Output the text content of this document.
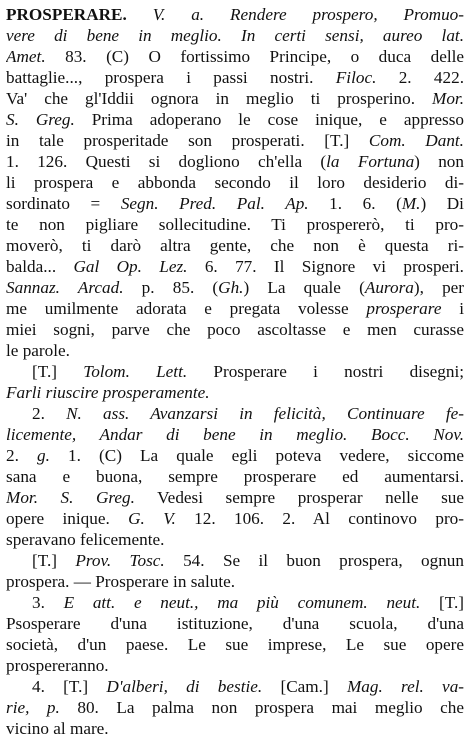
PROSPERARE. V. a. Rendere prospero, Promuo-
vere di bene in meglio. In certi sensi, aureo lat.
Amet. 83. (C) O fortissimo Principe, o duca delle
battaglie..., prospera i passi nostri. Filoc. 2. 422.
Va' che gl'Iddii ognora in meglio ti prosperino. Mor.
S. Greg. Prima adoperano le cose inique, e appresso
in tale prosperitade son prosperati. [T.] Com. Dant.
1. 126. Questi si dogliono ch'ella (la Fortuna) non
li prospera e abbonda secondo il loro desiderio di-
sordinato = Segn. Pred. Pal. Ap. 1. 6. (M.) Di
te non pigliare sollecitudine. Ti prospererò, ti pro-
moverò, ti darò altra gente, che non è questa ri-
balda... Gal Op. Lez. 6. 77. Il Signore vi prosperi.
Sannaz. Arcad. p. 85. (Gh.) La quale (Aurora), per
me umilmente adorata e pregata volesse prosperare i
miei sogni, parve che poco ascoltasse e men curasse
le parole.
[T.] Tolom. Lett. Prosperare i nostri disegni;
Farli riuscire prosperamente.
2. N. ass. Avanzarsi in felicità, Continuare fe-
licemente, Andar di bene in meglio. Bocc. Nov.
2. g. 1. (C) La quale egli poteva vedere, siccome
sana e buona, sempre prosperare ed aumentarsi.
Mor. S. Greg. Vedesi sempre prosperar nelle sue
opere inique. G. V. 12. 106. 2. Al continovo pro-
speravano felicemente.
[T.] Prov. Tosc. 54. Se il buon prospera, ognun
prospera. — Prosperare in salute.
3. E att. e neut., ma più comunem. neut. [T.]
Psosperare d'una istituzione, d'una scuola, d'una
società, d'un paese. Le sue imprese, Le sue opere
prospereranno.
4. [T.] D'alberi, di bestie. [Cam.] Mag. rel. va-
rie, p. 80. La palma non prospera mai meglio che
vicino al mare.
